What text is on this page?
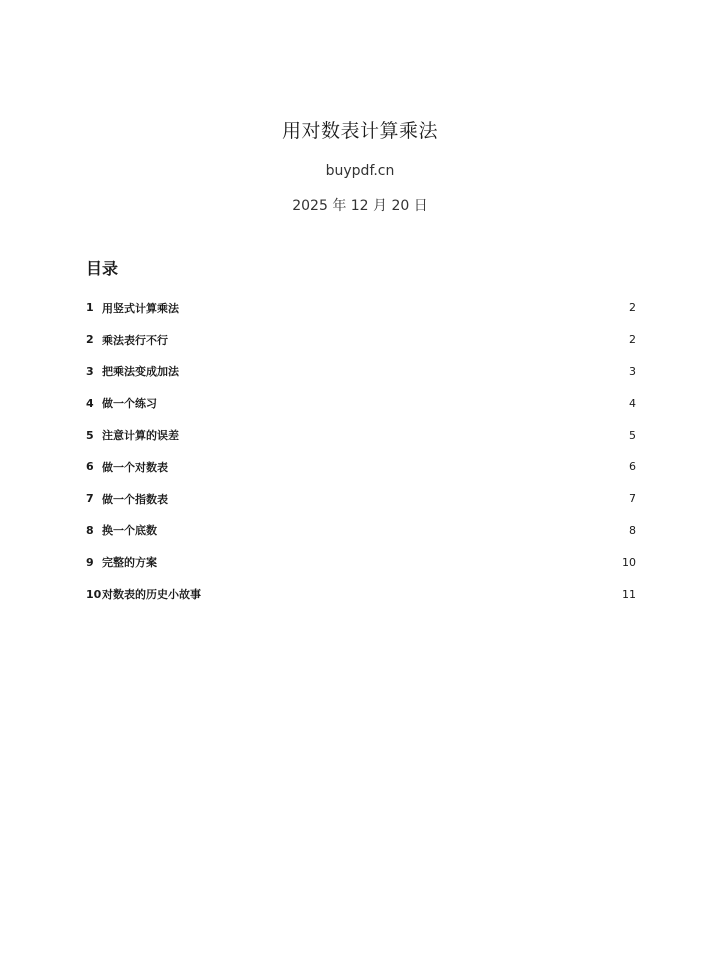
用对数表计算乘法
buypdf.cn
2025 年 12 月 20 日
目录
1 用竖式计算乘法	2
2 乘法表行不行	2
3 把乘法变成加法	3
4 做一个练习	4
5 注意计算的误差	5
6 做一个对数表	6
7 做一个指数表	7
8 换一个底数	8
9 完整的方案	10
10 对数表的历史小故事	11
